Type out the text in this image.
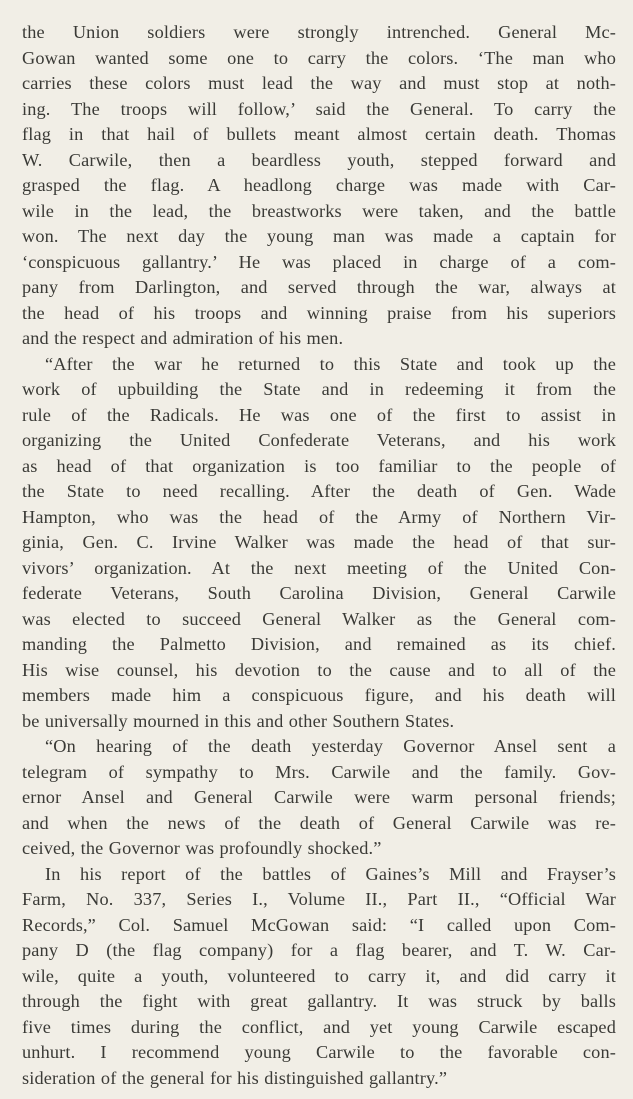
the Union soldiers were strongly intrenched. General Mc-
Gowan wanted some one to carry the colors. ‘The man who
carries these colors must lead the way and must stop at noth-
ing. The troops will follow,’ said the General. To carry the
flag in that hail of bullets meant almost certain death. Thomas
W. Carwile, then a beardless youth, stepped forward and
grasped the flag. A headlong charge was made with Car-
wile in the lead, the breastworks were taken, and the battle
won. The next day the young man was made a captain for
‘conspicuous gallantry.’ He was placed in charge of a com-
pany from Darlington, and served through the war, always at
the head of his troops and winning praise from his superiors
and the respect and admiration of his men.
“After the war he returned to this State and took up the
work of upbuilding the State and in redeeming it from the
rule of the Radicals. He was one of the first to assist in
organizing the United Confederate Veterans, and his work
as head of that organization is too familiar to the people of
the State to need recalling. After the death of Gen. Wade
Hampton, who was the head of the Army of Northern Vir-
ginia, Gen. C. Irvine Walker was made the head of that sur-
vivors’ organization. At the next meeting of the United Con-
federate Veterans, South Carolina Division, General Carwile
was elected to succeed General Walker as the General com-
manding the Palmetto Division, and remained as its chief.
His wise counsel, his devotion to the cause and to all of the
members made him a conspicuous figure, and his death will
be universally mourned in this and other Southern States.
“On hearing of the death yesterday Governor Ansel sent a
telegram of sympathy to Mrs. Carwile and the family. Gov-
ernor Ansel and General Carwile were warm personal friends;
and when the news of the death of General Carwile was re-
ceived, the Governor was profoundly shocked.”
In his report of the battles of Gaines’s Mill and Frayser’s
Farm, No. 337, Series I., Volume II., Part II., “Official War
Records,” Col. Samuel McGowan said: “I called upon Com-
pany D (the flag company) for a flag bearer, and T. W. Car-
wile, quite a youth, volunteered to carry it, and did carry it
through the fight with great gallantry. It was struck by balls
five times during the conflict, and yet young Carwile escaped
unhurt. I recommend young Carwile to the favorable con-
sideration of the general for his distinguished gallantry.”
